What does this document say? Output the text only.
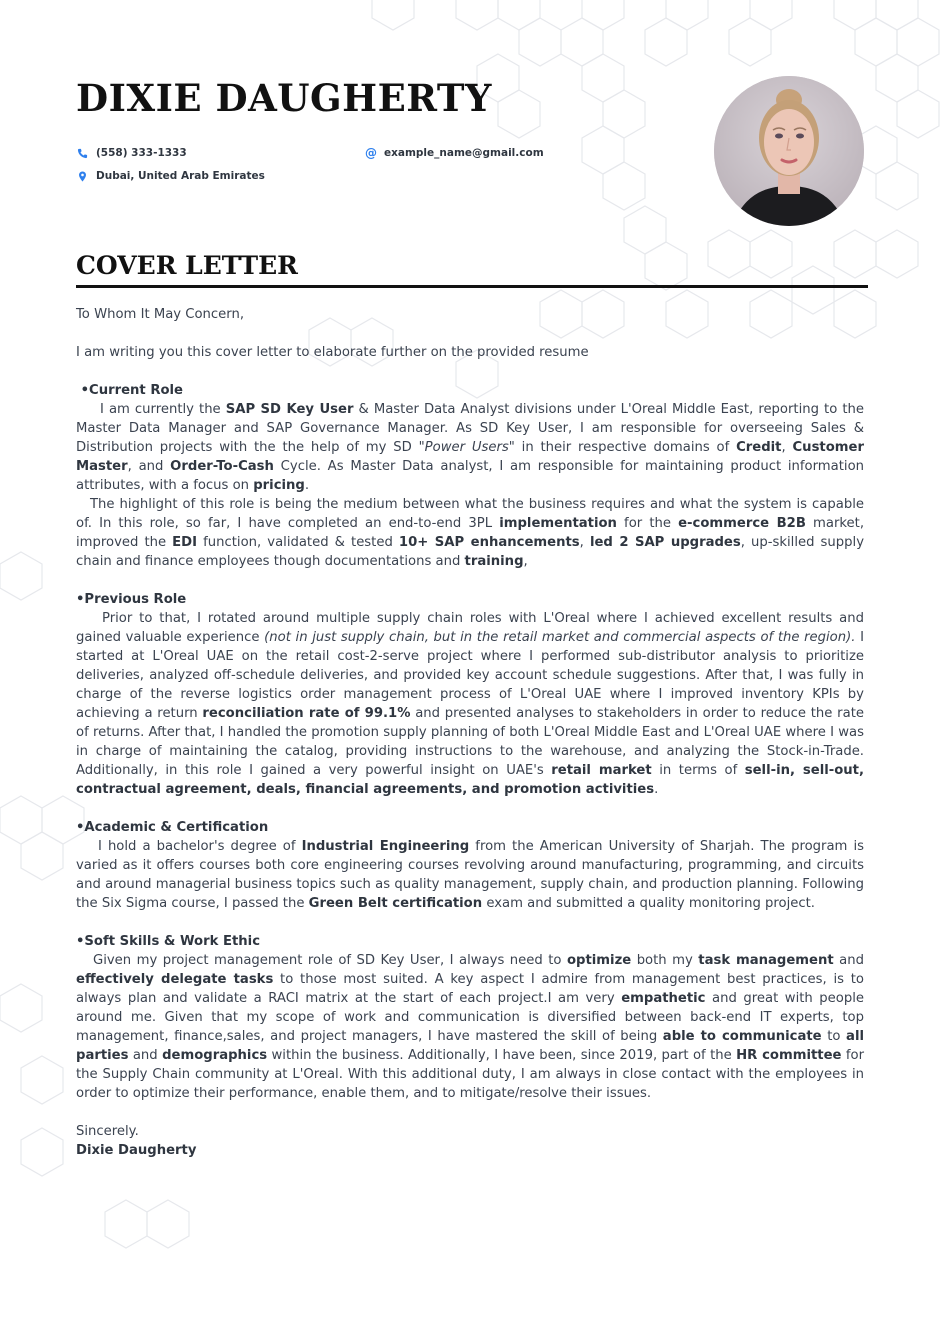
DIXIE DAUGHERTY
(558) 333-1333	@ example_name@gmail.com
Dubai, United Arab Emirates
COVER LETTER

To Whom It May Concern,

I am writing you this cover letter to elaborate further on the provided resume

•Current Role

I am currently the SAP SD Key User & Master Data Analyst divisions under L'Oreal Middle East, reporting to the Master Data Manager and SAP Governance Manager. As SD Key User, I am responsible for overseeing Sales & Distribution projects with the the help of my SD "Power Users" in their respective domains of Credit, Customer Master, and Order-To-Cash Cycle. As Master Data analyst, I am responsible for maintaining product information attributes, with a focus on pricing.

The highlight of this role is being the medium between what the business requires and what the system is capable of. In this role, so far, I have completed an end-to-end 3PL implementation for the e-commerce B2B market, improved the EDI function, validated & tested 10+ SAP enhancements, led 2 SAP upgrades, up-skilled supply chain and finance employees though documentations and training,

•Previous Role

Prior to that, I rotated around multiple supply chain roles with L'Oreal where I achieved excellent results and gained valuable experience (not in just supply chain, but in the retail market and commercial aspects of the region). I started at L'Oreal UAE on the retail cost-2-serve project where I performed sub-distributor analysis to prioritize deliveries, analyzed off-schedule deliveries, and provided key account schedule suggestions. After that, I was fully in charge of the reverse logistics order management process of L'Oreal UAE where I improved inventory KPIs by achieving a return reconciliation rate of 99.1% and presented analyses to stakeholders in order to reduce the rate of returns. After that, I handled the promotion supply planning of both L'Oreal Middle East and L'Oreal UAE where I was in charge of maintaining the catalog, providing instructions to the warehouse, and analyzing the Stock-in-Trade. Additionally, in this role I gained a very powerful insight on UAE's retail market in terms of sell-in, sell-out, contractual agreement, deals, financial agreements, and promotion activities.

•Academic & Certification

I hold a bachelor's degree of Industrial Engineering from the American University of Sharjah. The program is varied as it offers courses both core engineering courses revolving around manufacturing, programming, and circuits and around managerial business topics such as quality management, supply chain, and production planning. Following the Six Sigma course, I passed the Green Belt certification exam and submitted a quality monitoring project.

•Soft Skills & Work Ethic

Given my project management role of SD Key User, I always need to optimize both my task management and effectively delegate tasks to those most suited. A key aspect I admire from management best practices, is to always plan and validate a RACI matrix at the start of each project.I am very empathetic and great with people around me. Given that my scope of work and communication is diversified between back-end IT experts, top management, finance,sales, and project managers, I have mastered the skill of being able to communicate to all parties and demographics within the business. Additionally, I have been, since 2019, part of the HR committee for the Supply Chain community at L'Oreal. With this additional duty, I am always in close contact with the employees in order to optimize their performance, enable them, and to mitigate/resolve their issues.

Sincerely.

Dixie Daugherty
